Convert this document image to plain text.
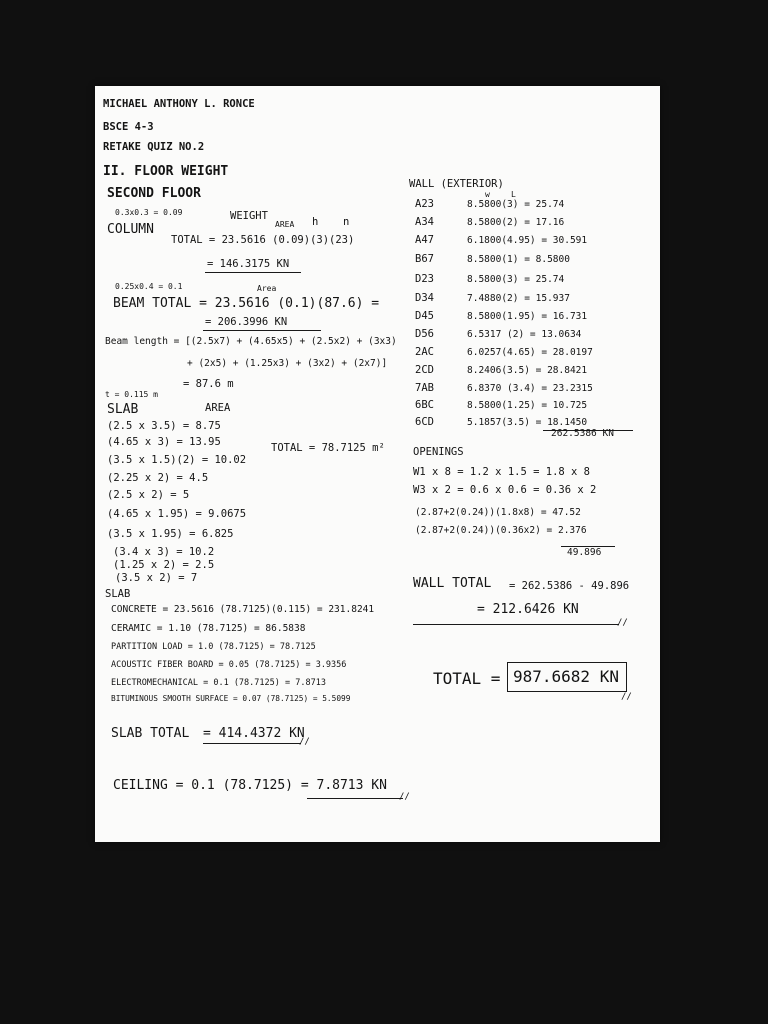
MICHAEL ANTHONY L. RONCE
BSCE 4-3
RETAKE QUIZ NO.2
II. FLOOR WEIGHT
SECOND FLOOR
0.3x0.3 = 0.09	WEIGHT
AREA h n
COLUMN
TOTAL = 23.5616 (0.09)(3)(23)
= 146.3175 KN
0.25x0.4 = 0.1	Area
BEAM TOTAL = 23.5616 (0.1)(87.6) =
= 206.3996 KN
Beam length = [(2.5x7) + (4.65x5) + (2.5x2) + (3x3)
+ (2x5) + (1.25x3) + (3x2) + (2x7)]
= 87.6 m
t = 0.115 m
SLAB	AREA
(2.5 x 3.5) = 8.75
(4.65 x 3) = 13.95
(3.5 x 1.5)(2) = 10.02
(2.25 x 2) = 4.5
(2.5 x 2) = 5
(4.65 x 1.95) = 9.0675
(3.5 x 1.95) = 6.825
(3.4 x 3) = 10.2
(1.25 x 2) = 2.5
(3.5 x 2) = 7
TOTAL = 78.7125 m²
SLAB
CONCRETE = 23.5616 (78.7125)(0.115) = 231.8241
CERAMIC = 1.10 (78.7125) = 86.5838
PARTITION LOAD = 1.0 (78.7125) = 78.7125
ACOUSTIC FIBER BOARD = 0.05 (78.7125) = 3.9356
ELECTROMECHANICAL = 0.1 (78.7125) = 7.8713
BITUMINOUS SMOOTH SURFACE = 0.07 (78.7125) = 5.5099
SLAB TOTAL = 414.4372 KN
//
CEILING = 0.1 (78.7125) = 7.8713 KN
//
WALL (EXTERIOR)
w	L
A23	8.5800(3) = 25.74
A34	8.5800(2) = 17.16
A47	6.1800(4.95) = 30.591
B67	8.5800(1) = 8.5800
D23	8.5800(3) = 25.74
D34	7.4880(2) = 15.937
D45	8.5800(1.95) = 16.731
D56	6.5317 (2) = 13.0634
2AC	6.0257(4.65) = 28.0197
2CD	8.2406(3.5) = 28.8421
7AB	6.8370 (3.4) = 23.2315
6BC	8.5800(1.25) = 10.725
6CD	5.1857(3.5) = 18.1450
262.5386 KN
OPENINGS
W1 x 8 = 1.2 x 1.5 = 1.8 x 8
W3 x 2 = 0.6 x 0.6 = 0.36 x 2
(2.87+2(0.24))(1.8x8) = 47.52
(2.87+2(0.24))(0.36x2) = 2.376
49.896
WALL TOTAL = 262.5386 - 49.896
= 212.6426 KN
//
TOTAL = 987.6682 KN
//
